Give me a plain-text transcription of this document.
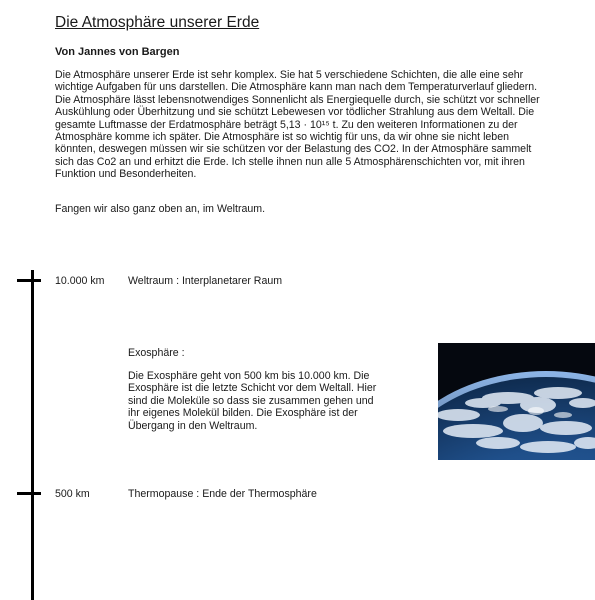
Die Atmosphäre unserer Erde
Von Jannes von Bargen

Die Atmosphäre unserer Erde ist sehr komplex. Sie hat 5 verschiedene Schichten, die alle eine sehr wichtige Aufgaben für uns darstellen. Die Atmosphäre kann man nach dem Temperaturverlauf gliedern. Die Atmosphäre lässt lebensnotwendiges Sonnenlicht als Energiequelle durch, sie schützt vor schneller Auskühlung oder Überhitzung und sie schützt Lebewesen vor tödlicher Strahlung aus dem Weltall. Die gesamte Luftmasse der Erdatmosphäre beträgt 5,13 · 10¹⁵ t. Zu den weiteren Informationen zu der Atmosphäre komme ich später. Die Atmosphäre ist so wichtig für uns, da wir ohne sie nicht leben könnten, deswegen müssen wir sie schützen vor der Belastung des CO2. In der Atmosphäre sammelt sich das Co2 an und erhitzt die Erde. Ich stelle ihnen nun alle 5 Atmosphärenschichten vor, mit ihren Funktion und Besonderheiten.

Fangen wir also ganz oben an, im Weltraum.

10.000 km Weltraum : Interplanetarer Raum
Exosphäre :

Die Exosphäre geht von 500 km bis 10.000 km. Die Exosphäre ist die letzte Schicht vor dem Weltall. Hier sind die Moleküle so dass sie zusammen gehen und ihr eigenes Molekül bilden. Die Exosphäre ist der Übergang in den Weltraum.

500 km	Thermopause : Ende der Thermosphäre
